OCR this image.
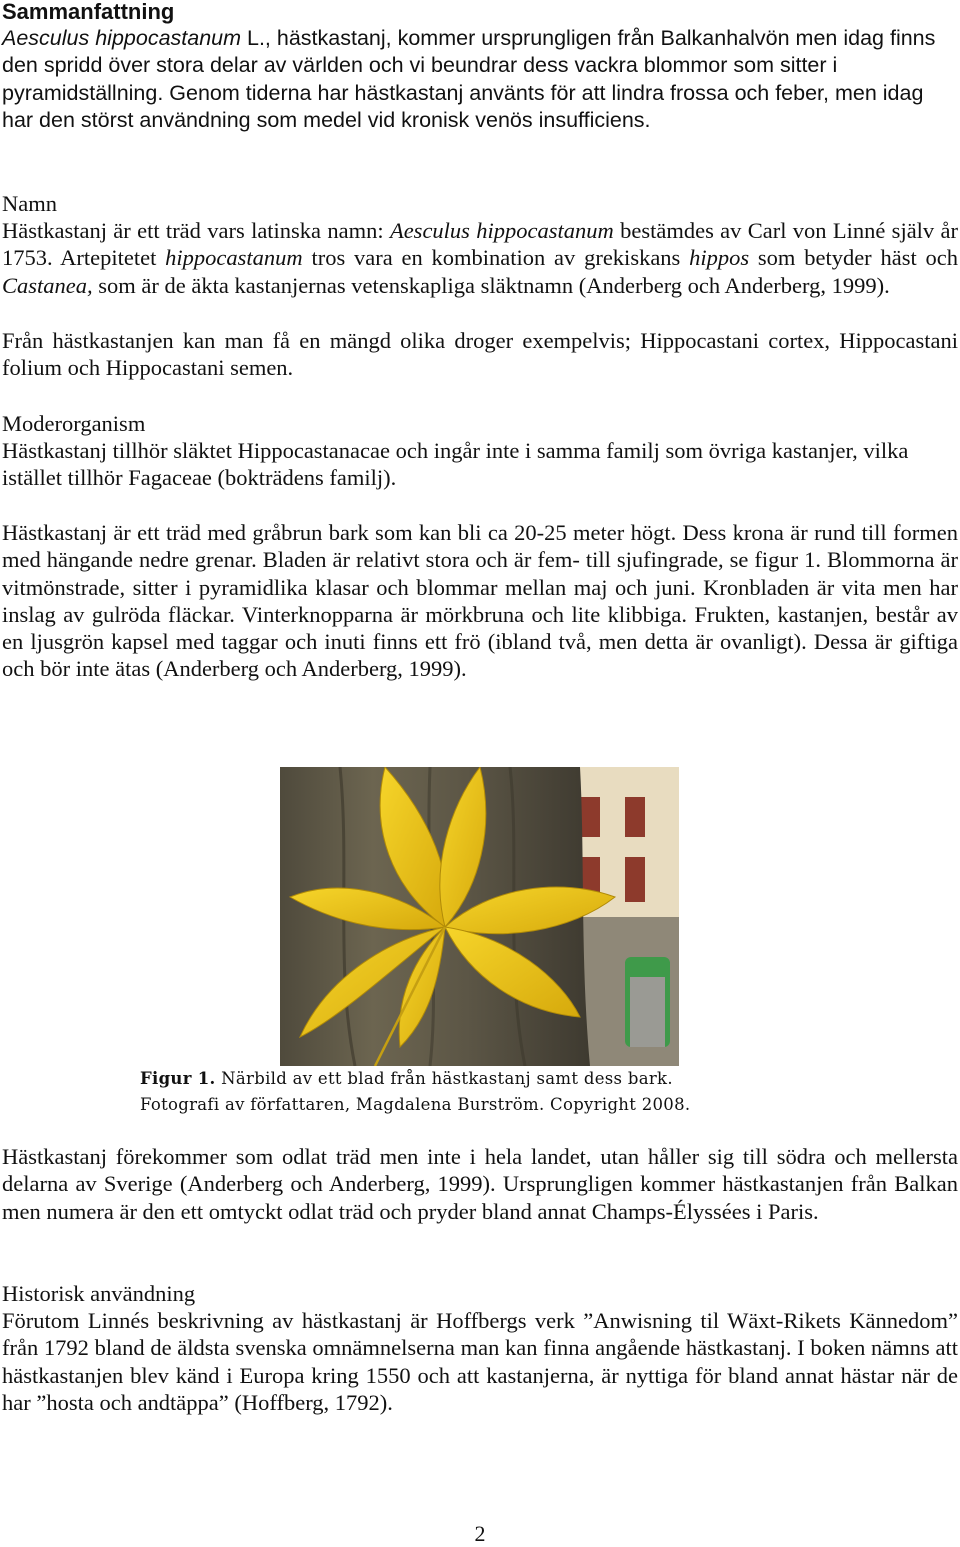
Sammanfattning

Aesculus hippocastanum L., hästkastanj, kommer ursprungligen från Balkanhalvön men idag finns den spridd över stora delar av världen och vi beundrar dess vackra blommor som sitter i pyramidställning. Genom tiderna har hästkastanj använts för att lindra frossa och feber, men idag har den störst användning som medel vid kronisk venös insufficiens.

Namn

Hästkastanj är ett träd vars latinska namn: Aesculus hippocastanum bestämdes av Carl von Linné själv år 1753. Artepitetet hippocastanum tros vara en kombination av grekiskans hippos som betyder häst och Castanea, som är de äkta kastanjernas vetenskapliga släktnamn (Anderberg och Anderberg, 1999).

Från hästkastanjen kan man få en mängd olika droger exempelvis; Hippocastani cortex, Hippocastani folium och Hippocastani semen.

Moderorganism

Hästkastanj tillhör släktet Hippocastanacae och ingår inte i samma familj som övriga kastanjer, vilka istället tillhör Fagaceae (bokträdens familj).

Hästkastanj är ett träd med gråbrun bark som kan bli ca 20-25 meter högt. Dess krona är rund till formen med hängande nedre grenar. Bladen är relativt stora och är fem- till sjufingrade, se figur 1. Blommorna är vitmönstrade, sitter i pyramidlika klasar och blommar mellan maj och juni. Kronbladen är vita men har inslag av gulröda fläckar. Vinterknopparna är mörkbruna och lite klibbiga. Frukten, kastanjen, består av en ljusgrön kapsel med taggar och inuti finns ett frö (ibland två, men detta är ovanligt). Dessa är giftiga och bör inte ätas (Anderberg och Anderberg, 1999).

Figur 1. Närbild av ett blad från hästkastanj samt dess bark.

Fotografi av författaren, Magdalena Burström. Copyright 2008.

Hästkastanj förekommer som odlat träd men inte i hela landet, utan håller sig till södra och mellersta delarna av Sverige (Anderberg och Anderberg, 1999). Ursprungligen kommer hästkastanjen från Balkan men numera är den ett omtyckt odlat träd och pryder bland annat Champs-Élyssées i Paris.

Historisk användning

Förutom Linnés beskrivning av hästkastanj är Hoffbergs verk ”Anwisning til Wäxt-Rikets Kännedom” från 1792 bland de äldsta svenska omnämnelserna man kan finna angående hästkastanj. I boken nämns att hästkastanjen blev känd i Europa kring 1550 och att kastanjerna, är nyttiga för bland annat hästar när de har ”hosta och andtäppa” (Hoffberg, 1792).

2
